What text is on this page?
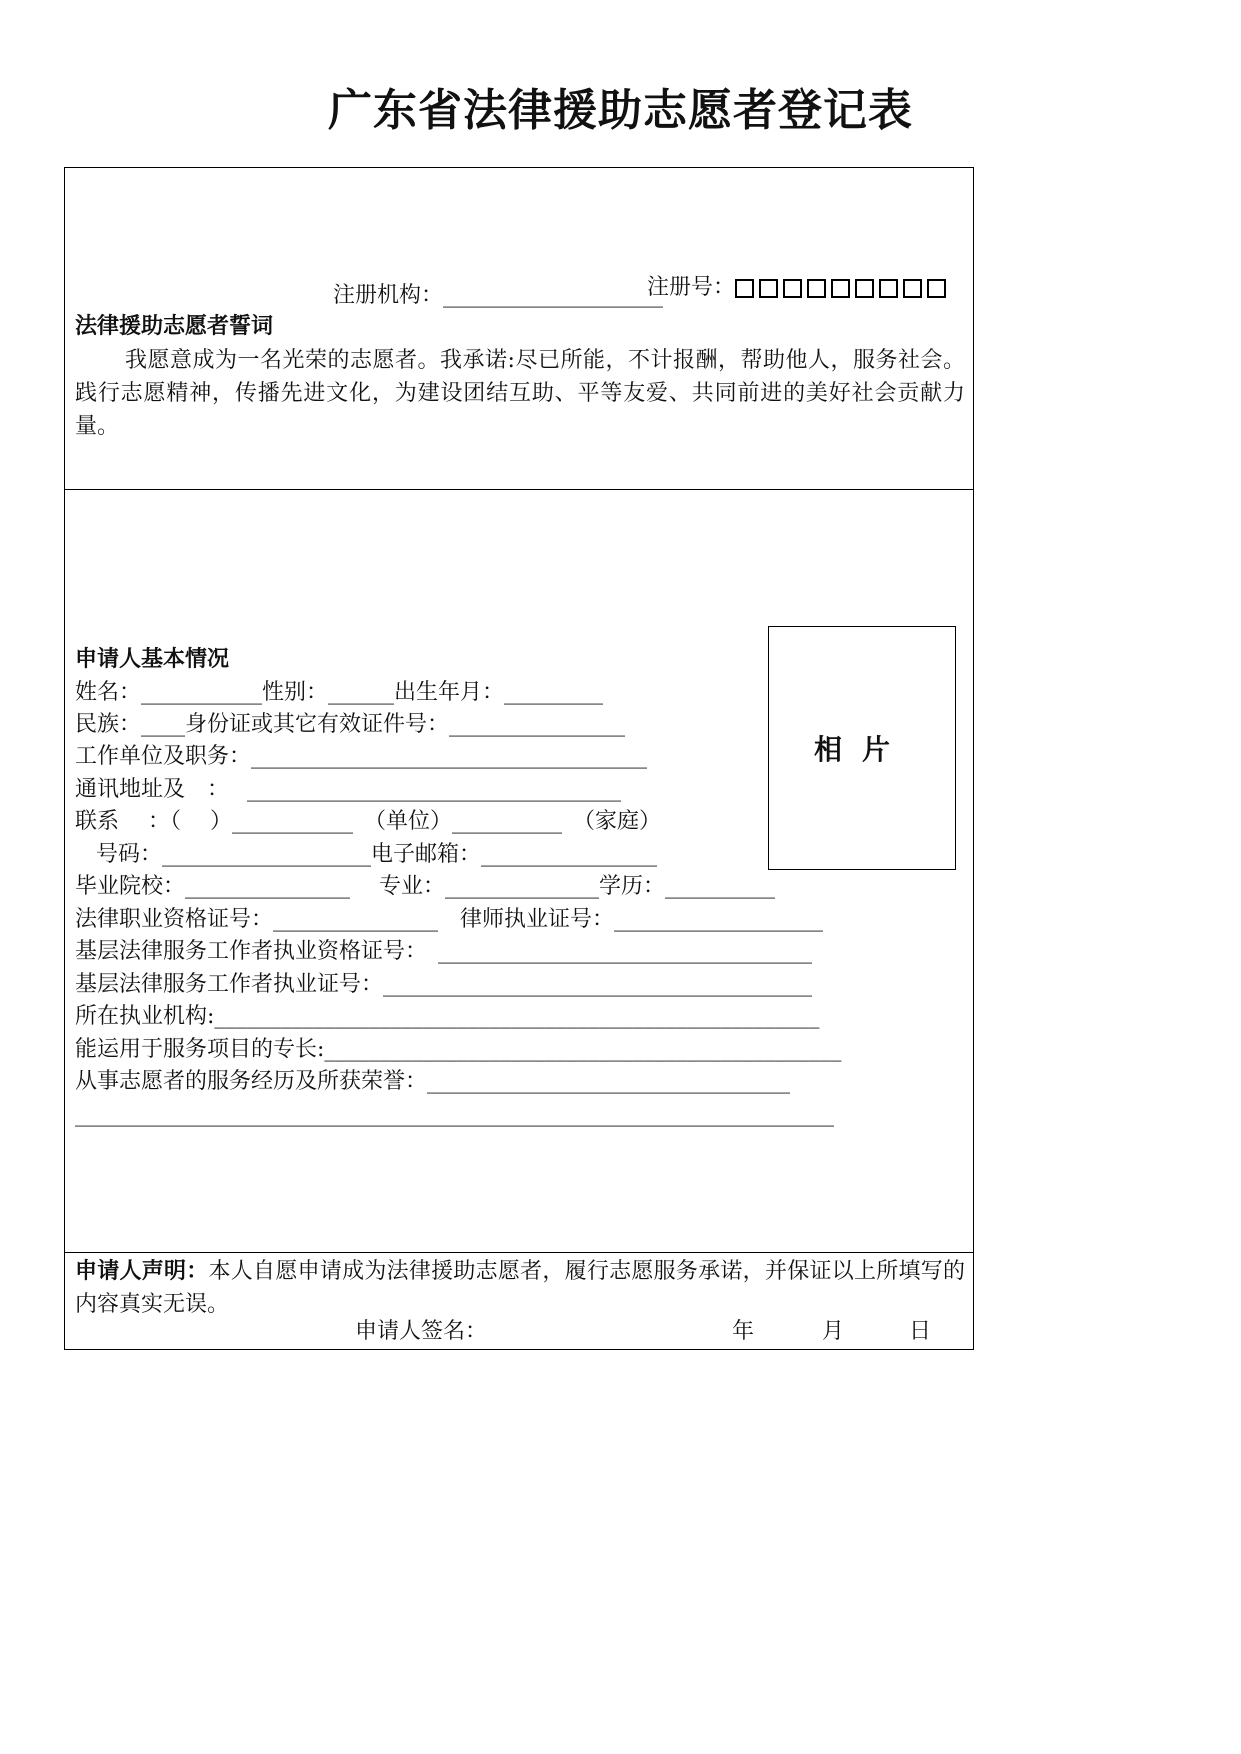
广东省法律援助志愿者登记表

注册号：

注册机构：____________________
法律援助志愿者誓词
我愿意成为一名光荣的志愿者。我承诺:尽已所能，不计报酬，帮助他人，服务社会。践行志愿精神，传播先进文化，为建设团结互助、平等友爱、共同前进的美好社会贡献力量。
申请人基本情况
姓名：___________性别：______出生年月：_________
民族：____身份证或其它有效证件号：________________
工作单位及职务：____________________________________
通讯地址及　：　 __________________________________
联系　 ：（　 ）___________　（单位）__________　（家庭）
号码：___________________电子邮箱：________________
毕业院校：_______________　 专业：______________学历：__________
法律职业资格证号：_______________　律师执业证号：___________________
基层法律服务工作者执业资格证号：　__________________________________
基层法律服务工作者执业证号：_______________________________________
所在执业机构:_______________________________________________________
能运用于服务项目的专长:_______________________________________________
从事志愿者的服务经历及所获荣誉：_________________________________
_____________________________________________________________________
相片
申请人声明：本人自愿申请成为法律援助志愿者，履行志愿服务承诺，并保证以上所填写的内容真实无误。
申请人签名：	年	月	日
